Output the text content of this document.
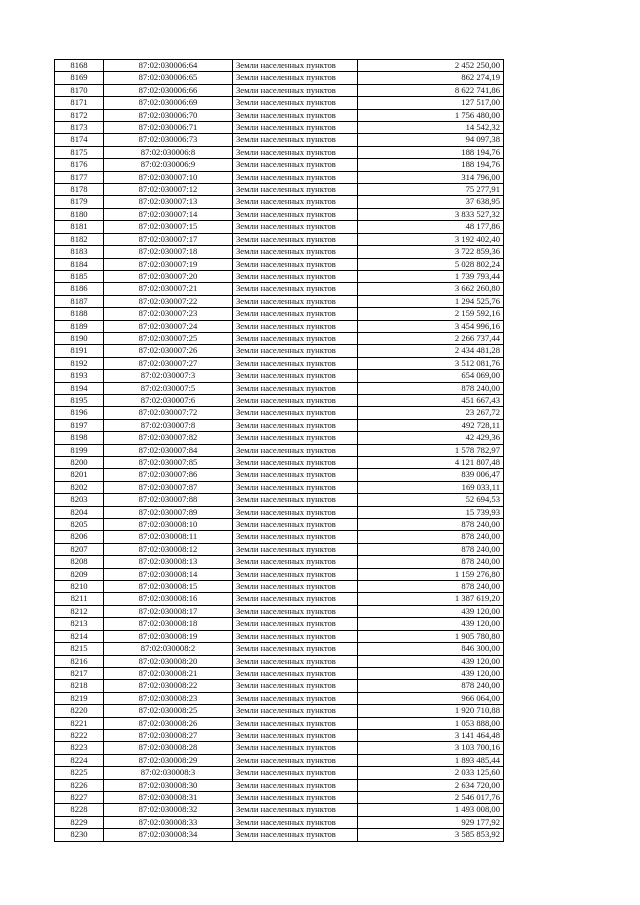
8168	87:02:030006:64	Земли населенных пунктов	2 452 250,00
8169	87:02:030006:65	Земли населенных пунктов	862 274,19
8170	87:02:030006:66	Земли населенных пунктов	8 622 741,86
8171	87:02:030006:69	Земли населенных пунктов	127 517,00
8172	87:02:030006:70	Земли населенных пунктов	1 756 480,00
8173	87:02:030006:71	Земли населенных пунктов	14 542,32
8174	87:02:030006:73	Земли населенных пунктов	94 097,38
8175	87:02:030006:8	Земли населенных пунктов	188 194,76
8176	87:02:030006:9	Земли населенных пунктов	188 194,76
8177	87:02:030007:10	Земли населенных пунктов	314 796,00
8178	87:02:030007:12	Земли населенных пунктов	75 277,91
8179	87:02:030007:13	Земли населенных пунктов	37 638,95
8180	87:02:030007:14	Земли населенных пунктов	3 833 527,32
8181	87:02:030007:15	Земли населенных пунктов	48 177,86
8182	87:02:030007:17	Земли населенных пунктов	3 192 402,40
8183	87:02:030007:18	Земли населенных пунктов	3 722 859,36
8184	87:02:030007:19	Земли населенных пунктов	5 028 802,24
8185	87:02:030007:20	Земли населенных пунктов	1 739 793,44
8186	87:02:030007:21	Земли населенных пунктов	3 662 260,80
8187	87:02:030007:22	Земли населенных пунктов	1 294 525,76
8188	87:02:030007:23	Земли населенных пунктов	2 159 592,16
8189	87:02:030007:24	Земли населенных пунктов	3 454 996,16
8190	87:02:030007:25	Земли населенных пунктов	2 266 737,44
8191	87:02:030007:26	Земли населенных пунктов	2 434 481,28
8192	87:02:030007:27	Земли населенных пунктов	3 512 081,76
8193	87:02:030007:3	Земли населенных пунктов	654 069,00
8194	87:02:030007:5	Земли населенных пунктов	878 240,00
8195	87:02:030007:6	Земли населенных пунктов	451 667,43
8196	87:02:030007:72	Земли населенных пунктов	23 267,72
8197	87:02:030007:8	Земли населенных пунктов	492 728,11
8198	87:02:030007:82	Земли населенных пунктов	42 429,36
8199	87:02:030007:84	Земли населенных пунктов	1 578 782,97
8200	87:02:030007:85	Земли населенных пунктов	4 121 807,48
8201	87:02:030007:86	Земли населенных пунктов	839 006,47
8202	87:02:030007:87	Земли населенных пунктов	169 033,11
8203	87:02:030007:88	Земли населенных пунктов	52 694,53
8204	87:02:030007:89	Земли населенных пунктов	15 739,93
8205	87:02:030008:10	Земли населенных пунктов	878 240,00
8206	87:02:030008:11	Земли населенных пунктов	878 240,00
8207	87:02:030008:12	Земли населенных пунктов	878 240,00
8208	87:02:030008:13	Земли населенных пунктов	878 240,00
8209	87:02:030008:14	Земли населенных пунктов	1 159 276,80
8210	87:02:030008:15	Земли населенных пунктов	878 240,00
8211	87:02:030008:16	Земли населенных пунктов	1 387 619,20
8212	87:02:030008:17	Земли населенных пунктов	439 120,00
8213	87:02:030008:18	Земли населенных пунктов	439 120,00
8214	87:02:030008:19	Земли населенных пунктов	1 905 780,80
8215	87:02:030008:2	Земли населенных пунктов	846 300,00
8216	87:02:030008:20	Земли населенных пунктов	439 120,00
8217	87:02:030008:21	Земли населенных пунктов	439 120,00
8218	87:02:030008:22	Земли населенных пунктов	878 240,00
8219	87:02:030008:23	Земли населенных пунктов	966 064,00
8220	87:02:030008:25	Земли населенных пунктов	1 920 710,88
8221	87:02:030008:26	Земли населенных пунктов	1 053 888,00
8222	87:02:030008:27	Земли населенных пунктов	3 141 464,48
8223	87:02:030008:28	Земли населенных пунктов	3 103 700,16
8224	87:02:030008:29	Земли населенных пунктов	1 893 485,44
8225	87:02:030008:3	Земли населенных пунктов	2 033 125,60
8226	87:02:030008:30	Земли населенных пунктов	2 634 720,00
8227	87:02:030008:31	Земли населенных пунктов	2 546 017,76
8228	87:02:030008:32	Земли населенных пунктов	1 493 008,00
8229	87:02:030008:33	Земли населенных пунктов	929 177,92
8230	87:02:030008:34	Земли населенных пунктов	3 585 853,92
